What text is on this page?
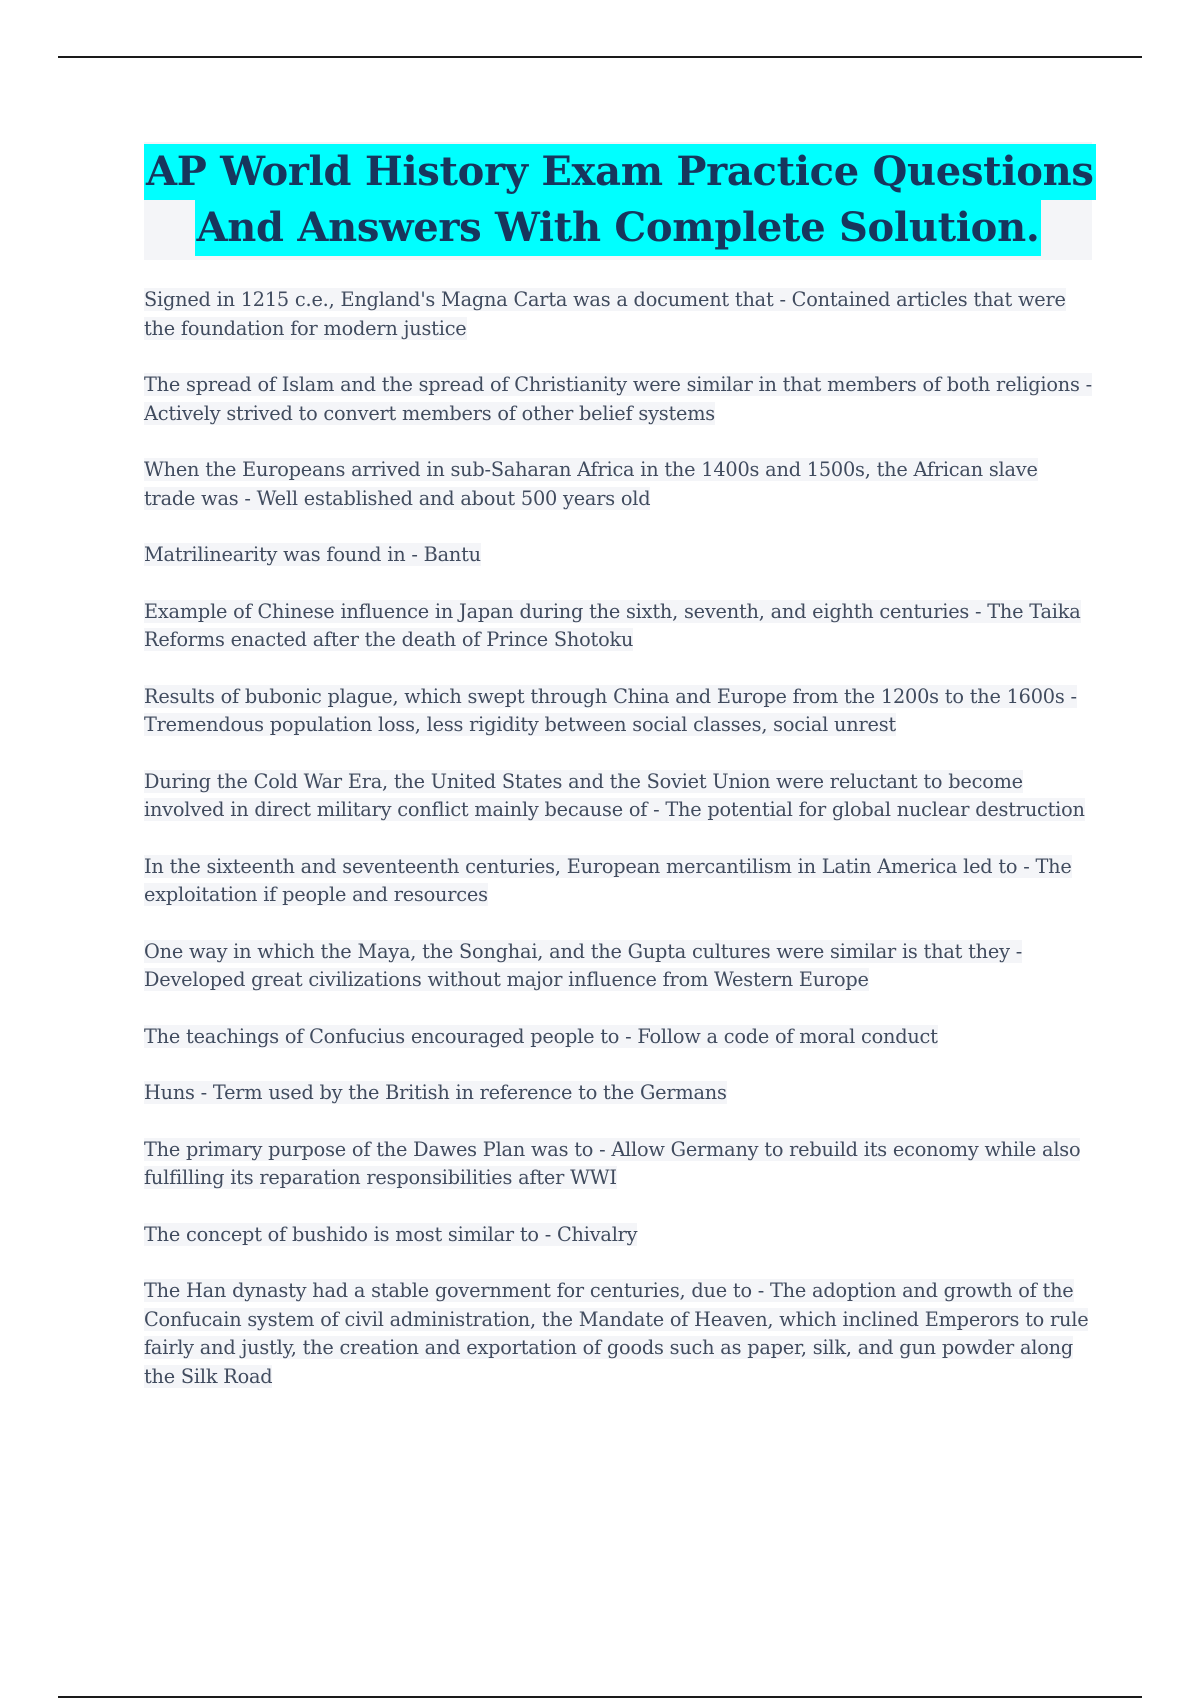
AP World History Exam Practice Questions
And Answers With Complete Solution.

Signed in 1215 c.e., England's Magna Carta was a document that - Contained articles that were the foundation for modern justice

The spread of Islam and the spread of Christianity were similar in that members of both religions - Actively strived to convert members of other belief systems

When the Europeans arrived in sub-Saharan Africa in the 1400s and 1500s, the African slave trade was - Well established and about 500 years old

Matrilinearity was found in - Bantu

Example of Chinese influence in Japan during the sixth, seventh, and eighth centuries - The Taika Reforms enacted after the death of Prince Shotoku

Results of bubonic plague, which swept through China and Europe from the 1200s to the 1600s - Tremendous population loss, less rigidity between social classes, social unrest

During the Cold War Era, the United States and the Soviet Union were reluctant to become involved in direct military conflict mainly because of - The potential for global nuclear destruction

In the sixteenth and seventeenth centuries, European mercantilism in Latin America led to - The exploitation if people and resources

One way in which the Maya, the Songhai, and the Gupta cultures were similar is that they - Developed great civilizations without major influence from Western Europe

The teachings of Confucius encouraged people to - Follow a code of moral conduct

Huns - Term used by the British in reference to the Germans

The primary purpose of the Dawes Plan was to - Allow Germany to rebuild its economy while also fulfilling its reparation responsibilities after WWI

The concept of bushido is most similar to - Chivalry

The Han dynasty had a stable government for centuries, due to - The adoption and growth of the Confucain system of civil administration, the Mandate of Heaven, which inclined Emperors to rule fairly and justly, the creation and exportation of goods such as paper, silk, and gun powder along the Silk Road
